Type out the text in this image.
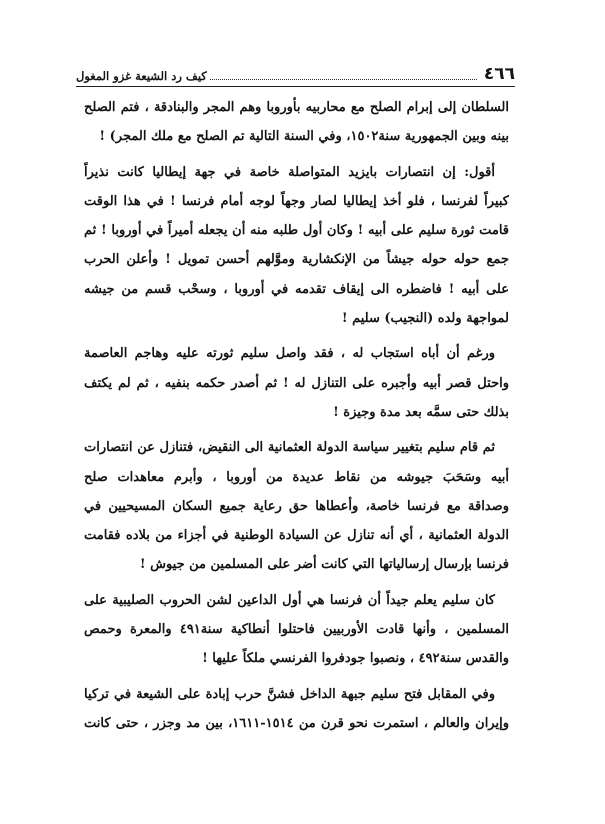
٤٦٦
كيف رد الشيعة غزو المغول

السلطان إلى إبرام الصلح مع محاربيه بأوروبا وهم المجر والبنادقة ، فتم الصلح
بينه وبين الجمهورية سنة١٥٠٢، وفي السنة التالية تم الصلح مع ملك المجر) !

أقول: إن انتصارات بايزيد المتواصلة خاصة في جهة إيطاليا كانت نذيراً
كبيراً لفرنسا ، فلو أخذ إيطاليا لصار وجهاً لوجه أمام فرنسا ! في هذا الوقت
قامت ثورة سليم على أبيه ! وكان أول طلبه منه أن يجعله أميراً في أوروبا ! ثم
جمع حوله حوله جيشاً من الإنكشارية وموَّلهم أحسن تمويل ! وأعلن الحرب
على أبيه ! فاضطره الى إيقاف تقدمه في أوروبا ، وسحْب قسم من جيشه
لمواجهة ولده (النجيب) سليم !

ورغم أن أباه استجاب له ، فقد واصل سليم ثورته عليه وهاجم العاصمة
واحتل قصر أبيه وأجبره على التنازل له ! ثم أصدر حكمه بنفيه ، ثم لم يكتف
بذلك حتى سمَّه بعد مدة وجيزة !

ثم قام سليم بتغيير سياسة الدولة العثمانية الى النقيض، فتنازل عن انتصارات
أبيه وسَحَبَ جيوشه من نقاط عديدة من أوروبا ، وأبرم معاهدات صلح
وصداقة مع فرنسا خاصة، وأعطاها حق رعاية جميع السكان المسيحيين في
الدولة العثمانية ، أي أنه تنازل عن السيادة الوطنية في أجزاء من بلاده فقامت
فرنسا بإرسال إرسالياتها التي كانت أضر على المسلمين من جيوش !

كان سليم يعلم جيداً أن فرنسا هي أول الداعين لشن الحروب الصليبية على
المسلمين ، وأنها قادت الأوربيين فاحتلوا أنطاكية سنة٤٩١ والمعرة وحمص
والقدس سنة٤٩٢ ، ونصبوا جودفروا الفرنسي ملكاً عليها !

وفي المقابل فتح سليم جبهة الداخل فشنَّ حرب إبادة على الشيعة في تركيا
وإيران والعالم ، استمرت نحو قرن من ١٥١٤-١٦١١، بين مد وجزر ، حتى كانت
